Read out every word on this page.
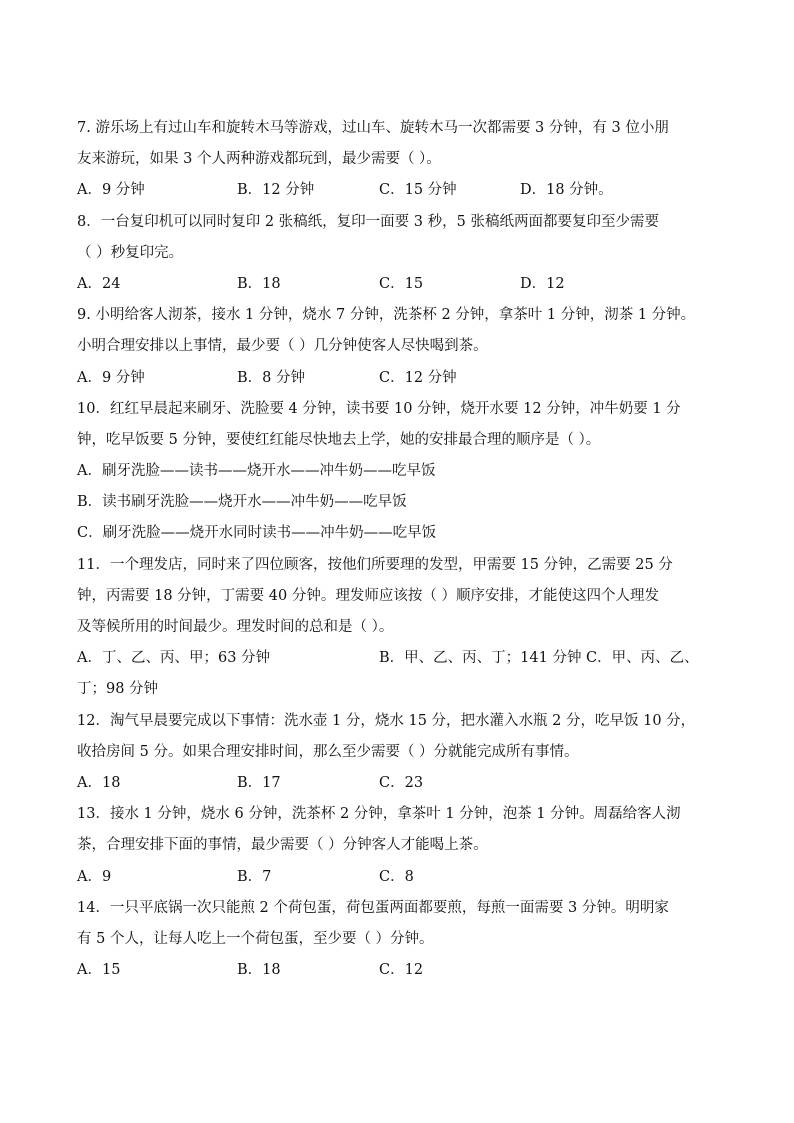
7. 游乐场上有过山车和旋转木马等游戏，过山车、旋转木马一次都需要 3 分钟，有 3 位小朋
友来游玩，如果 3 个人两种游戏都玩到，最少需要（ ）。
A．9 分钟	B．12 分钟	C．15 分钟	D．18 分钟。
8．一台复印机可以同时复印 2 张稿纸，复印一面要 3 秒，5 张稿纸两面都要复印至少需要
（ ）秒复印完。
A．24	B．18	C．15	D．12
9. 小明给客人沏茶，接水 1 分钟，烧水 7 分钟，洗茶杯 2 分钟，拿茶叶 1 分钟，沏茶 1 分钟。
小明合理安排以上事情，最少要（ ）几分钟使客人尽快喝到茶。
A．9 分钟	B．8 分钟	C．12 分钟
10．红红早晨起来刷牙、洗脸要 4 分钟，读书要 10 分钟，烧开水要 12 分钟，冲牛奶要 1 分
钟，吃早饭要 5 分钟，要使红红能尽快地去上学，她的安排最合理的顺序是（ ）。
A．刷牙洗脸——读书——烧开水——冲牛奶——吃早饭
B．读书刷牙洗脸——烧开水——冲牛奶——吃早饭
C．刷牙洗脸——烧开水同时读书——冲牛奶——吃早饭
11．一个理发店，同时来了四位顾客，按他们所要理的发型，甲需要 15 分钟，乙需要 25 分
钟，丙需要 18 分钟，丁需要 40 分钟。理发师应该按（ ）顺序安排，才能使这四个人理发
及等候所用的时间最少。理发时间的总和是（ ）。
A．丁、乙、丙、甲；63 分钟	B．甲、乙、丙、丁；141 分钟 C．甲、丙、乙、
丁；98 分钟
12．淘气早晨要完成以下事情：洗水壶 1 分，烧水 15 分，把水灌入水瓶 2 分，吃早饭 10 分，
收拾房间 5 分。如果合理安排时间，那么至少需要（ ）分就能完成所有事情。
A．18	B．17	C．23
13．接水 1 分钟，烧水 6 分钟，洗茶杯 2 分钟，拿茶叶 1 分钟，泡茶 1 分钟。周磊给客人沏
茶，合理安排下面的事情，最少需要（ ）分钟客人才能喝上茶。
A．9	B．7	C．8
14．一只平底锅一次只能煎 2 个荷包蛋，荷包蛋两面都要煎，每煎一面需要 3 分钟。明明家
有 5 个人，让每人吃上一个荷包蛋，至少要（ ）分钟。
A．15	B．18	C．12
